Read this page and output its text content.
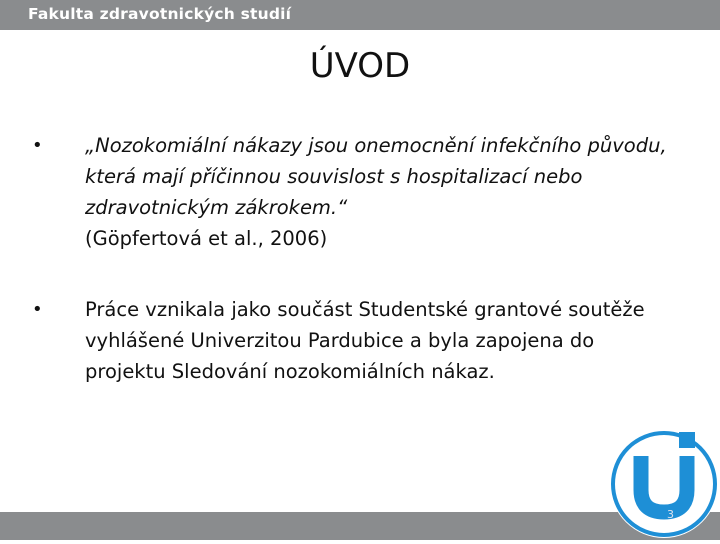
Fakulta zdravotnických studií
ÚVOD
• „Nozokomiální nákazy jsou onemocnění infekčního původu, která mají příčinnou souvislost s hospitalizací nebo zdravotnickým zákrokem.“
(Göpfertová et al., 2006)
• Práce vznikala jako součást Studentské grantové soutěže vyhlášené Univerzitou Pardubice a byla zapojena do projektu Sledování nozokomiálních nákaz.
3
